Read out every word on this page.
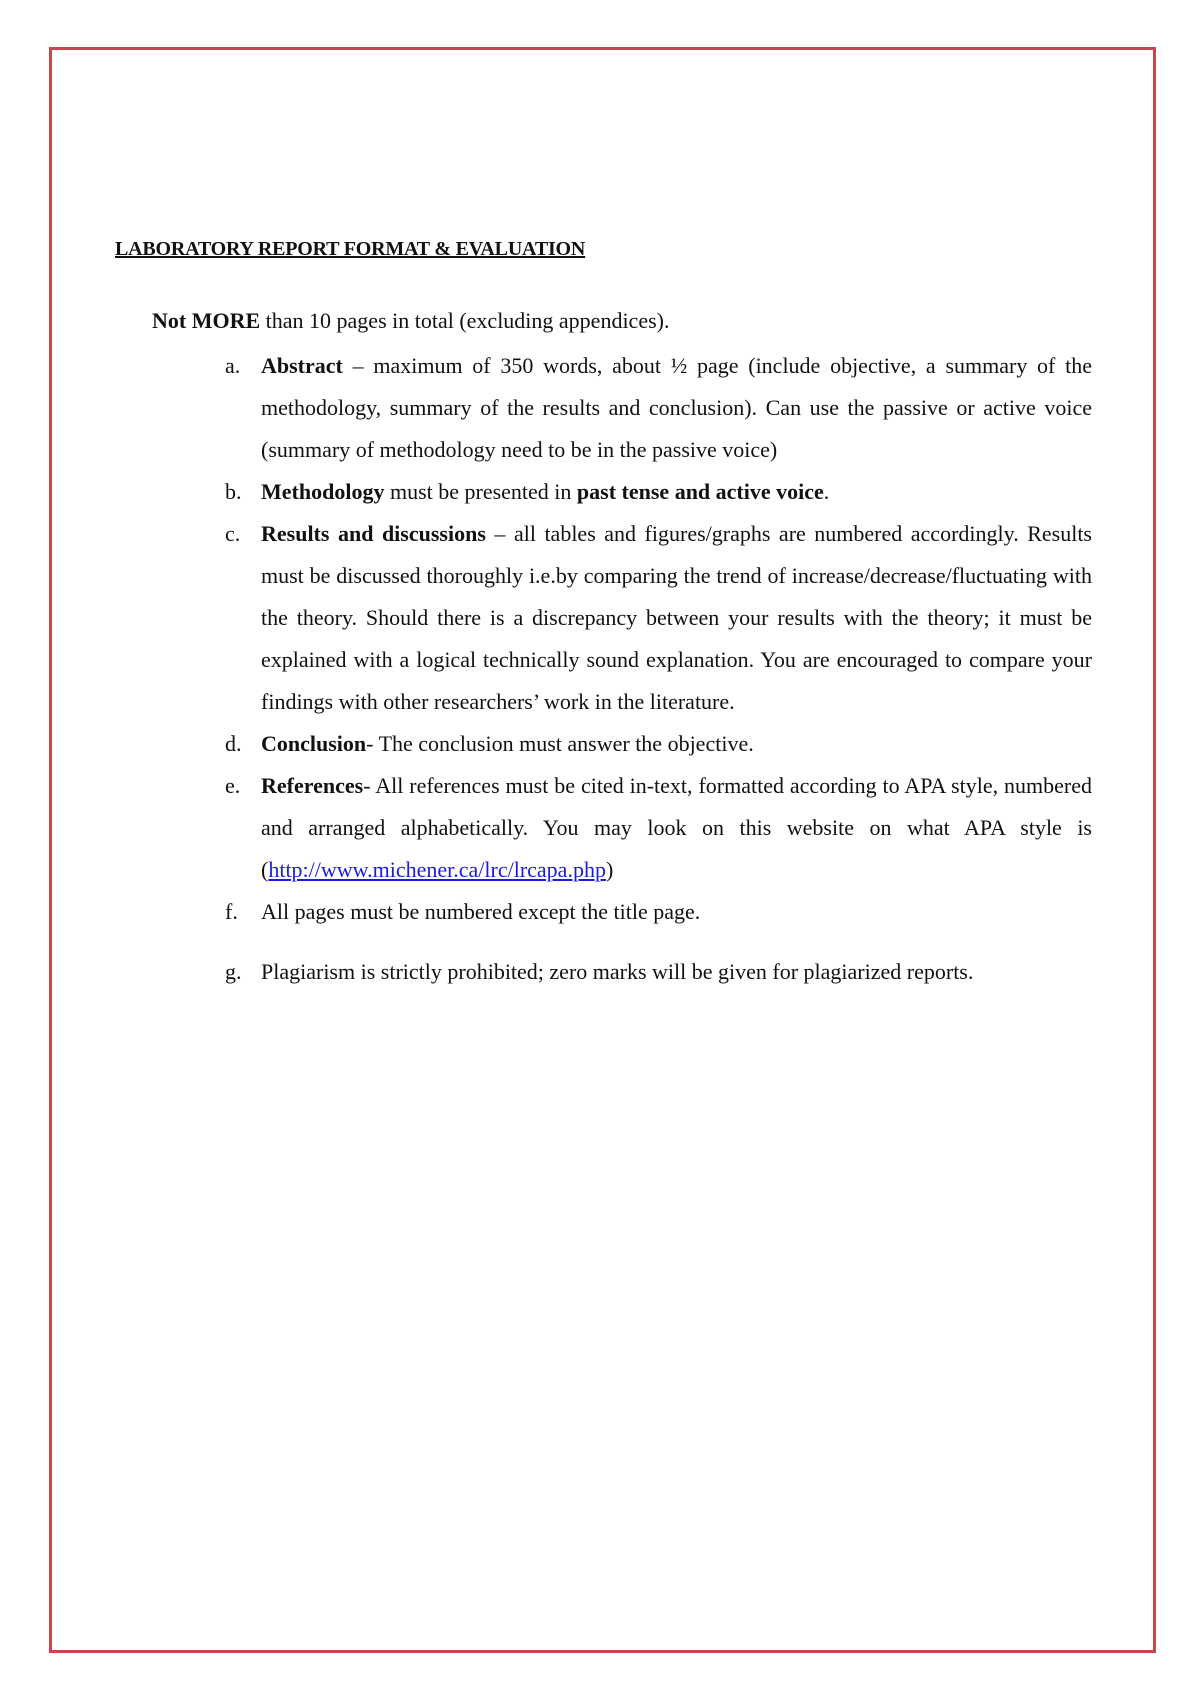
LABORATORY REPORT FORMAT & EVALUATION

Not MORE than 10 pages in total (excluding appendices).

a. Abstract – maximum of 350 words, about ½ page (include objective, a summary of the methodology, summary of the results and conclusion). Can use the passive or active voice (summary of methodology need to be in the passive voice)
b. Methodology must be presented in past tense and active voice.
c. Results and discussions – all tables and figures/graphs are numbered accordingly. Results must be discussed thoroughly i.e.by comparing the trend of increase/decrease/fluctuating with the theory. Should there is a discrepancy between your results with the theory; it must be explained with a logical technically sound explanation. You are encouraged to compare your findings with other researchers’ work in the literature.
d. Conclusion- The conclusion must answer the objective.
e. References- All references must be cited in-text, formatted according to APA style, numbered and arranged alphabetically. You may look on this website on what APA style is (http://www.michener.ca/lrc/lrcapa.php)
f. All pages must be numbered except the title page.
g. Plagiarism is strictly prohibited; zero marks will be given for plagiarized reports.
